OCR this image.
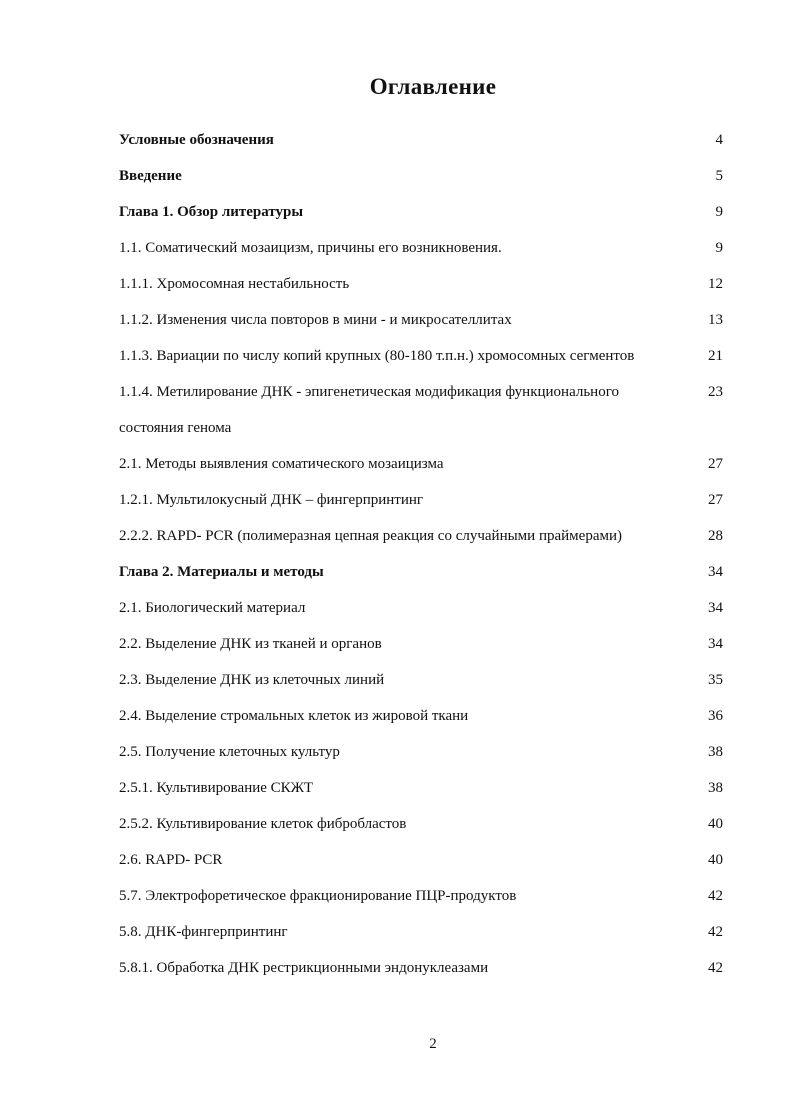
Оглавление
Условные обозначения	4
Введение	5
Глава 1. Обзор литературы	9
1.1. Соматический мозаицизм, причины его возникновения.	9
1.1.1. Хромосомная нестабильность	12
1.1.2. Изменения числа повторов в мини - и микросателлитах	13
1.1.3. Вариации по числу копий крупных (80-180 т.п.н.) хромосомных сегментов	21
1.1.4. Метилирование ДНК - эпигенетическая модификация функционального	23
состояния генома
2.1. Методы выявления соматического мозаицизма	27
1.2.1. Мультилокусный ДНК – фингерпринтинг	27
2.2.2. RAPD- PCR (полимеразная цепная реакция со случайными праймерами)	28
Глава 2. Материалы и методы	34
2.1. Биологический материал	34
2.2. Выделение ДНК из тканей и органов	34
2.3. Выделение ДНК из клеточных линий	35
2.4. Выделение стромальных клеток из жировой ткани	36
2.5. Получение клеточных культур	38
2.5.1. Культивирование СКЖТ	38
2.5.2. Культивирование клеток фибробластов	40
2.6. RAPD- PCR	40
5.7. Электрофоретическое фракционирование ПЦР-продуктов	42
5.8. ДНК-фингерпринтинг	42
5.8.1. Обработка ДНК рестрикционными эндонуклеазами	42
2
